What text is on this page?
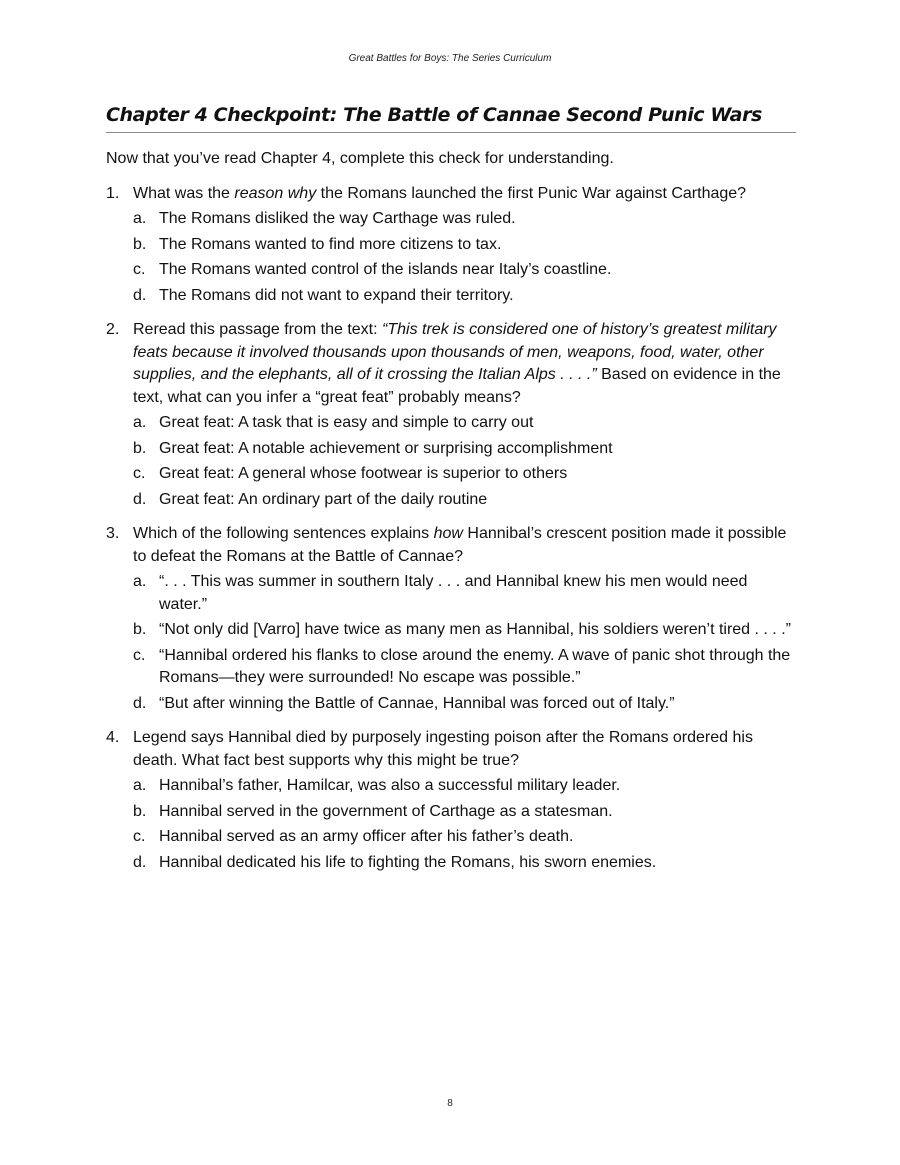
Great Battles for Boys: The Series Curriculum
Chapter 4 Checkpoint: The Battle of Cannae Second Punic Wars

Now that you’ve read Chapter 4, complete this check for understanding.

1. What was the reason why the Romans launched the first Punic War against Carthage?
a. The Romans disliked the way Carthage was ruled.
b. The Romans wanted to find more citizens to tax.
c. The Romans wanted control of the islands near Italy’s coastline.
d. The Romans did not want to expand their territory.
2. Reread this passage from the text: “This trek is considered one of history’s greatest military feats because it involved thousands upon thousands of men, weapons, food, water, other supplies, and the elephants, all of it crossing the Italian Alps . . . .” Based on evidence in the text, what can you infer a “great feat” probably means?
a. Great feat: A task that is easy and simple to carry out
b. Great feat: A notable achievement or surprising accomplishment
c. Great feat: A general whose footwear is superior to others
d. Great feat: An ordinary part of the daily routine
3. Which of the following sentences explains how Hannibal’s crescent position made it possible to defeat the Romans at the Battle of Cannae?
a. “. . . This was summer in southern Italy . . . and Hannibal knew his men would need water.”
b. “Not only did [Varro] have twice as many men as Hannibal, his soldiers weren’t tired . . . .”
c. “Hannibal ordered his flanks to close around the enemy. A wave of panic shot through the Romans—they were surrounded! No escape was possible.”
d. “But after winning the Battle of Cannae, Hannibal was forced out of Italy.”
4. Legend says Hannibal died by purposely ingesting poison after the Romans ordered his death. What fact best supports why this might be true?
a. Hannibal’s father, Hamilcar, was also a successful military leader.
b. Hannibal served in the government of Carthage as a statesman.
c. Hannibal served as an army officer after his father’s death.
d. Hannibal dedicated his life to fighting the Romans, his sworn enemies.
8
